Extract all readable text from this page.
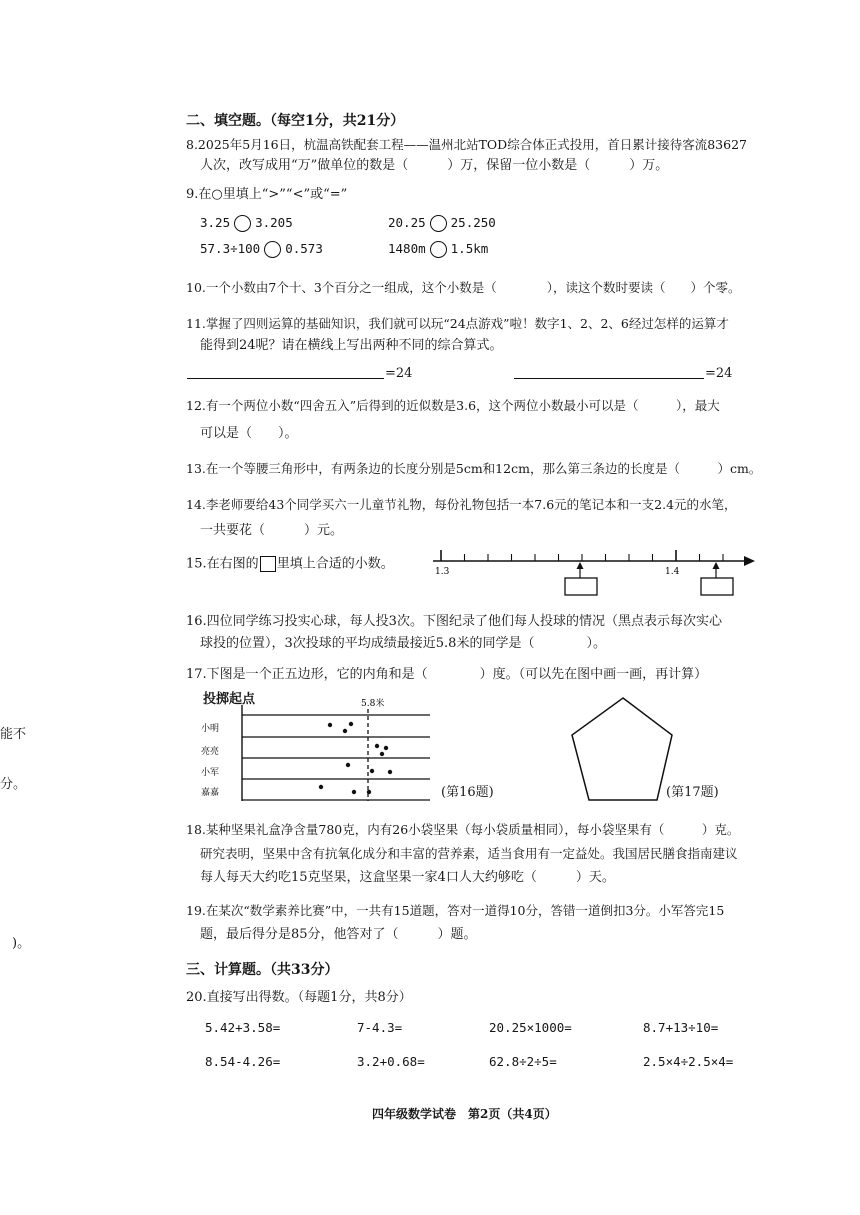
能不
分。
)。
二、填空题。（每空1分，共21分）
8.2025年5月16日，杭温高铁配套工程——温州北站TOD综合体正式投用，首日累计接待客流83627
人次，改写成用“万”做单位的数是（　　　）万，保留一位小数是（　　　）万。
9.在○里填上“>”“<”或“=”
3.25 3.205	20.25 25.250
57.3÷100 0.573	1480m 1.5km
10.一个小数由7个十、3个百分之一组成，这个小数是（　　　　），读这个数时要读（　　）个零。
11.掌握了四则运算的基础知识，我们就可以玩“24点游戏”啦！数字1、2、2、6经过怎样的运算才
能得到24呢？请在横线上写出两种不同的综合算式。
=24	=24
12.有一个两位小数“四舍五入”后得到的近似数是3.6，这个两位小数最小可以是（　　　），最大
可以是（　　）。
13.在一个等腰三角形中，有两条边的长度分别是5cm和12cm，那么第三条边的长度是（　　　）cm。
14.李老师要给43个同学买六一儿童节礼物，每份礼物包括一本7.6元的笔记本和一支2.4元的水笔，
一共要花（　　　）元。
15.在右图的 里填上合适的小数。
1.3	1.4
16.四位同学练习投实心球，每人投3次。下图纪录了他们每人投球的情况（黑点表示每次实心
球投的位置），3次投球的平均成绩最接近5.8米的同学是（　　　　）。
17.下图是一个正五边形，它的内角和是（　　　　）度。（可以先在图中画一画，再计算）
投掷起点	5.8米
小明
亮亮
小军
嘉嘉	(第16题)	(第17题)
18.某种坚果礼盒净含量780克，内有26小袋坚果（每小袋质量相同），每小袋坚果有（　　　）克。
研究表明，坚果中含有抗氧化成分和丰富的营养素，适当食用有一定益处。我国居民膳食指南建议
每人每天大约吃15克坚果，这盒坚果一家4口人大约够吃（　　　）天。
19.在某次“数学素养比赛”中，一共有15道题，答对一道得10分，答错一道倒扣3分。小军答完15
题，最后得分是85分，他答对了（　　　）题。
三、计算题。（共33分）
20.直接写出得数。（每题1分，共8分）
5.42+3.58=	7-4.3=	20.25×1000=	8.7+13÷10=
8.54-4.26=	3.2+0.68=	62.8÷2÷5=	2.5×4÷2.5×4=
四年级数学试卷　第2页（共4页）
